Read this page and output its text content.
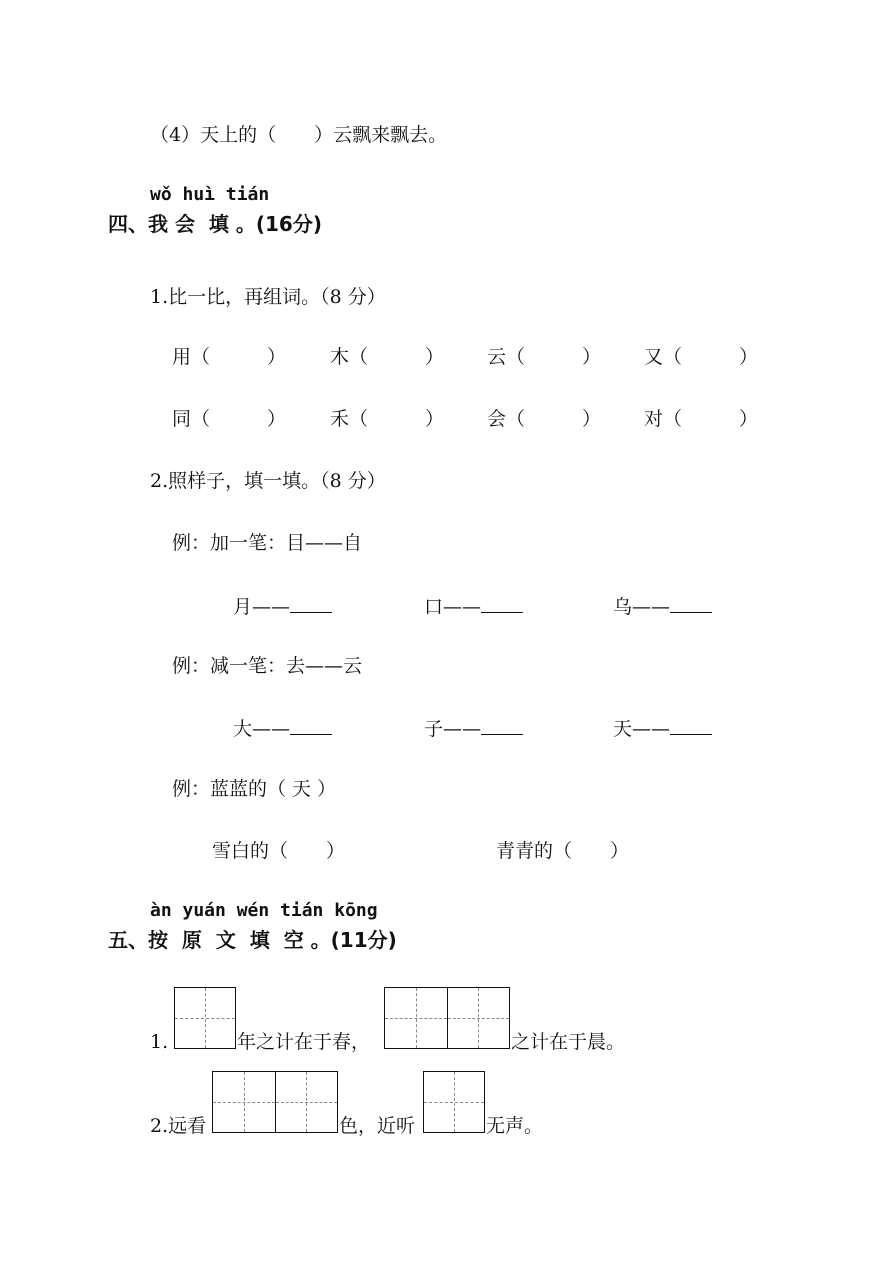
（4）天上的（　　）云飘来飘去。
wǒ huì tián
四、我 会  填 。(16分)
1.比一比，再组词。（8 分）
用（　　　） 木（　　　） 云（　　　） 又（　　　）
同（　　　） 禾（　　　） 会（　　　） 对（　　　）
2.照样子，填一填。（8 分）
例：加一笔：目——自
月——	口——	乌——
例：减一笔：去——云
大——	子——	天——
例：蓝蓝的（ 天 ）
雪白的（　　）	青青的（　　）
àn yuán wén tián kōng
五、按  原  文  填  空 。(11分)
1.	年之计在于春，	之计在于晨。
2.远看	色，近听	无声。
